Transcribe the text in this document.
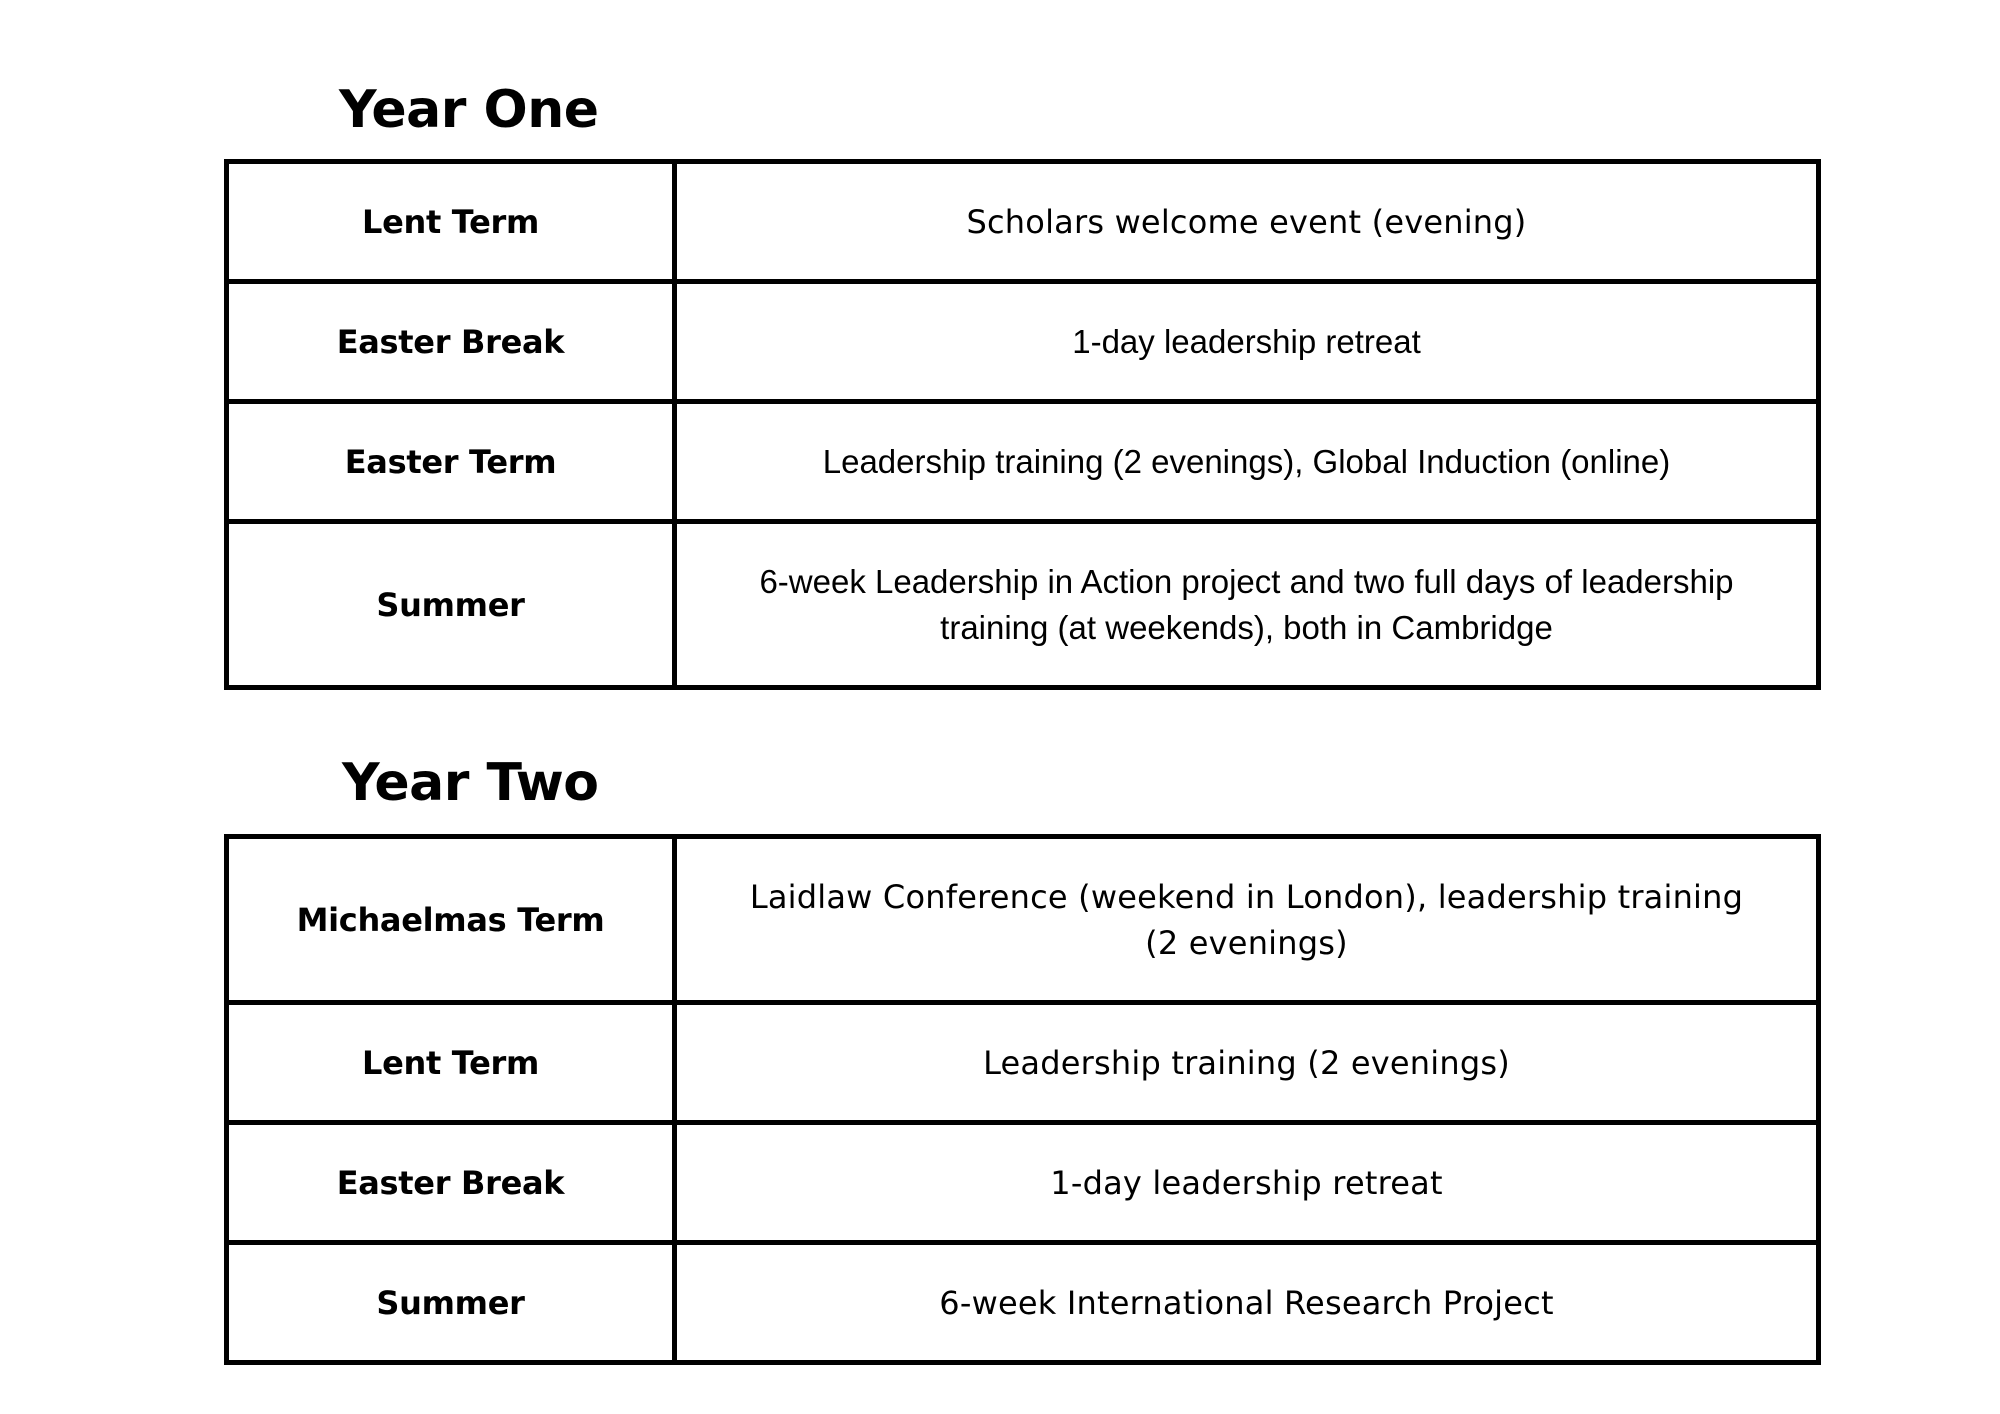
Year One
Lent Term	Scholars welcome event (evening)
Easter Break	1-day leadership retreat
Easter Term	Leadership training (2 evenings), Global Induction (online)
Summer	6-week Leadership in Action project and two full days of leadership training (at weekends), both in Cambridge
Year Two
Michaelmas Term	Laidlaw Conference (weekend in London), leadership training (2 evenings)
Lent Term	Leadership training (2 evenings)
Easter Break	1-day leadership retreat
Summer	6-week International Research Project
